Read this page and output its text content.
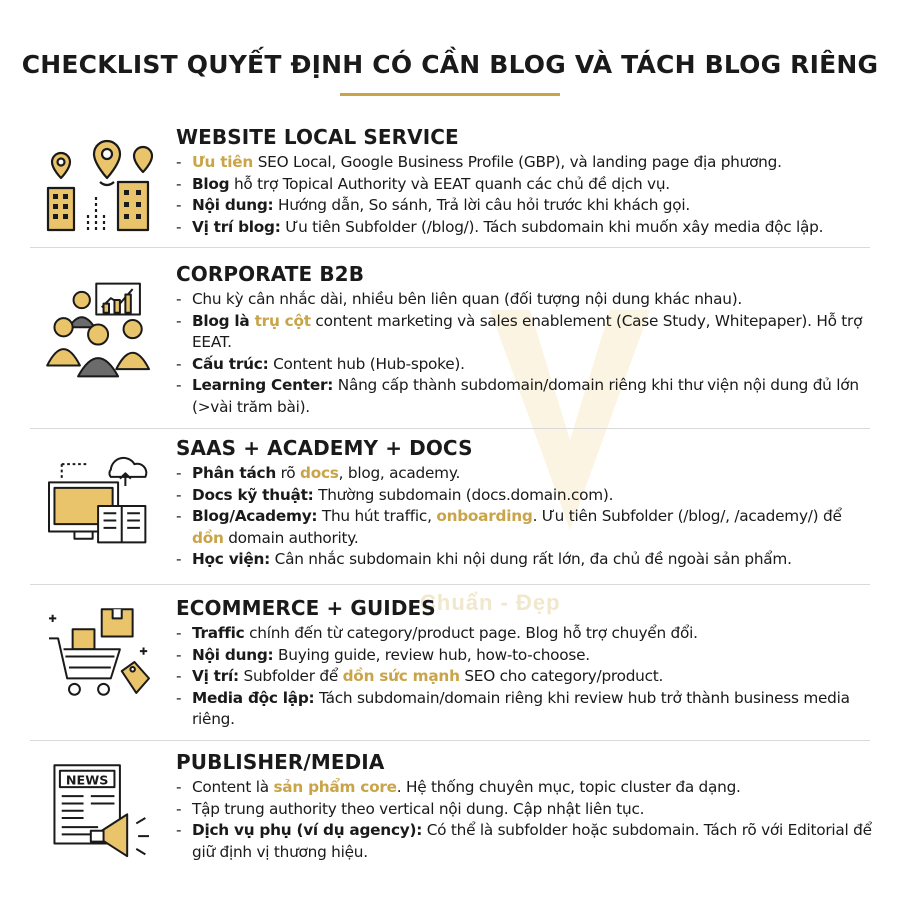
CHECKLIST QUYẾT ĐỊNH CÓ CẦN BLOG VÀ TÁCH BLOG RIÊNG
Chuẩn - Đẹp
WEBSITE LOCAL SERVICE
- Ưu tiên SEO Local, Google Business Profile (GBP), và landing page địa phương.
- Blog hỗ trợ Topical Authority và EEAT quanh các chủ đề dịch vụ.
- Nội dung: Hướng dẫn, So sánh, Trả lời câu hỏi trước khi khách gọi.
- Vị trí blog: Ưu tiên Subfolder (/blog/). Tách subdomain khi muốn xây media độc lập.
CORPORATE B2B
- Chu kỳ cân nhắc dài, nhiều bên liên quan (đối tượng nội dung khác nhau).
- Blog là trụ cột content marketing và sales enablement (Case Study, Whitepaper). Hỗ trợ EEAT.
- Cấu trúc: Content hub (Hub-spoke).
- Learning Center: Nâng cấp thành subdomain/domain riêng khi thư viện nội dung đủ lớn (>vài trăm bài).
SAAS + ACADEMY + DOCS
- Phân tách rõ docs, blog, academy.
- Docs kỹ thuật: Thường subdomain (docs.domain.com).
- Blog/Academy: Thu hút traffic, onboarding. Ưu tiên Subfolder (/blog/, /academy/) để dồn domain authority.
- Học viện: Cân nhắc subdomain khi nội dung rất lớn, đa chủ đề ngoài sản phẩm.
ECOMMERCE + GUIDES
- Traffic chính đến từ category/product page. Blog hỗ trợ chuyển đổi.
- Nội dung: Buying guide, review hub, how-to-choose.
- Vị trí: Subfolder để dồn sức mạnh SEO cho category/product.
- Media độc lập: Tách subdomain/domain riêng khi review hub trở thành business media riêng.
NEWS
PUBLISHER/MEDIA
- Content là sản phẩm core. Hệ thống chuyên mục, topic cluster đa dạng.
- Tập trung authority theo vertical nội dung. Cập nhật liên tục.
- Dịch vụ phụ (ví dụ agency): Có thể là subfolder hoặc subdomain. Tách rõ với Editorial để giữ định vị thương hiệu.
